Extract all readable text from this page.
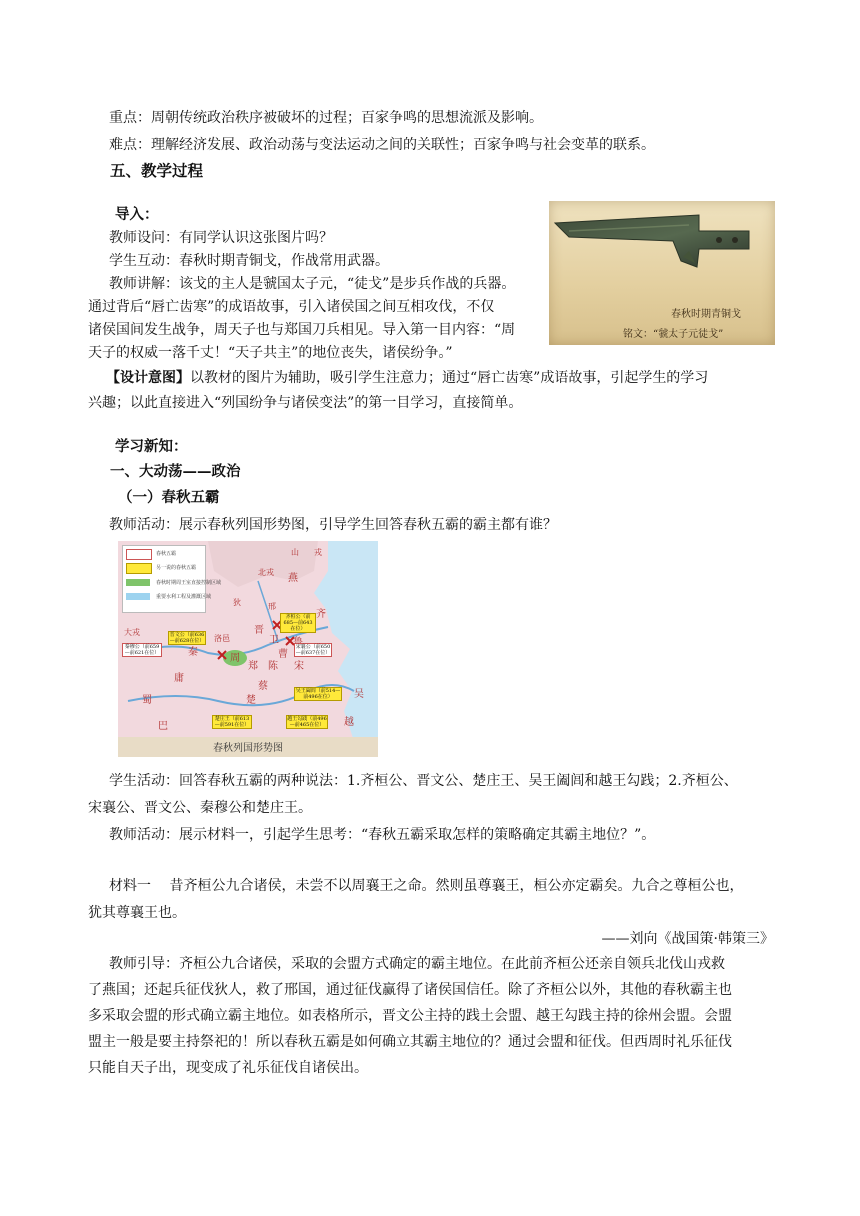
重点：周朝传统政治秩序被破坏的过程；百家争鸣的思想流派及影响。
难点：理解经济发展、政治动荡与变法运动之间的关联性；百家争鸣与社会变革的联系。
五、教学过程
导入：
教师设问：有同学认识这张图片吗？
学生互动：春秋时期青铜戈，作战常用武器。
教师讲解：该戈的主人是虢国太子元，“徒戈”是步兵作战的兵器。
通过背后“唇亡齿寒”的成语故事，引入诸侯国之间互相攻伐，不仅
诸侯国间发生战争，周天子也与郑国刀兵相见。导入第一目内容：“周
天子的权威一落千丈！“天子共主”的地位丧失，诸侯纷争。”
春秋时期青铜戈
铭文：“虢太子元徒戈”
【设计意图】以教材的图片为辅助，吸引学生注意力；通过“唇亡齿寒”成语故事，引起学生的学习
兴趣；以此直接进入“列国纷争与诸侯变法”的第一目学习，直接简单。
学习新知：
一、大动荡——政治
（一）春秋五霸
教师活动：展示春秋列国形势图，引导学生回答春秋五霸的霸主都有谁？
春秋五霸
另一说的春秋五霸
春秋时期周王室直接控制区域
重要水利工程及灌溉区域
山 戎
燕
北戎
狄	邢
齐
晋
卫
大戎
洛邑
周
郑 陈
曹
宋
秦
庸
蔡
蜀
巴
楚
吴
越
齐桓公（前685—前643在位）
晋文公（前636—前628在位）
秦穆公（前659—前621在位）
宋襄公（前650—前637在位）
吴王阖闾（前514—前496在位）
楚庄王（前613—前591在位）
越王勾践（前496—前465在位）
春秋列国形势图
学生活动：回答春秋五霸的两种说法：1.齐桓公、晋文公、楚庄王、吴王阖闾和越王勾践；2.齐桓公、
宋襄公、晋文公、秦穆公和楚庄王。
教师活动：展示材料一，引起学生思考：“春秋五霸采取怎样的策略确定其霸主地位？”。
材料一　 昔齐桓公九合诸侯，未尝不以周襄王之命。然则虽尊襄王，桓公亦定霸矣。九合之尊桓公也，
犹其尊襄王也。
——刘向《战国策·韩策三》
教师引导：齐桓公九合诸侯，采取的会盟方式确定的霸主地位。在此前齐桓公还亲自领兵北伐山戎救
了燕国；还起兵征伐狄人，救了邢国，通过征伐赢得了诸侯国信任。除了齐桓公以外，其他的春秋霸主也
多采取会盟的形式确立霸主地位。如表格所示，晋文公主持的践土会盟、越王勾践主持的徐州会盟。会盟
盟主一般是要主持祭祀的！所以春秋五霸是如何确立其霸主地位的？通过会盟和征伐。但西周时礼乐征伐
只能自天子出，现变成了礼乐征伐自诸侯出。
